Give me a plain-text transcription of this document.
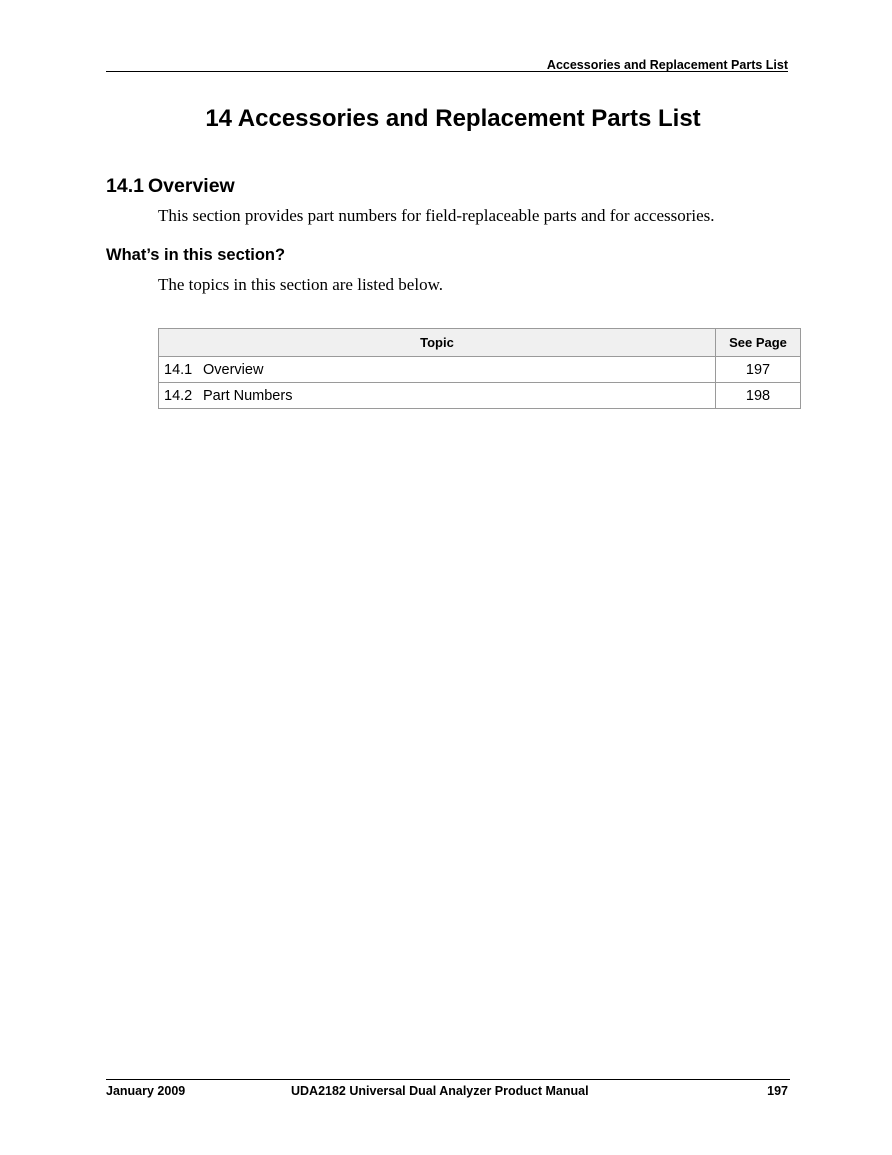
Accessories and Replacement Parts List
14 Accessories and Replacement Parts List
14.1 Overview

This section provides part numbers for field-replaceable parts and for accessories.

What’s in this section?

The topics in this section are listed below.

Topic	See Page
14.1 Overview	197
14.2 Part Numbers	198
January 2009	UDA2182 Universal Dual Analyzer Product Manual	197
